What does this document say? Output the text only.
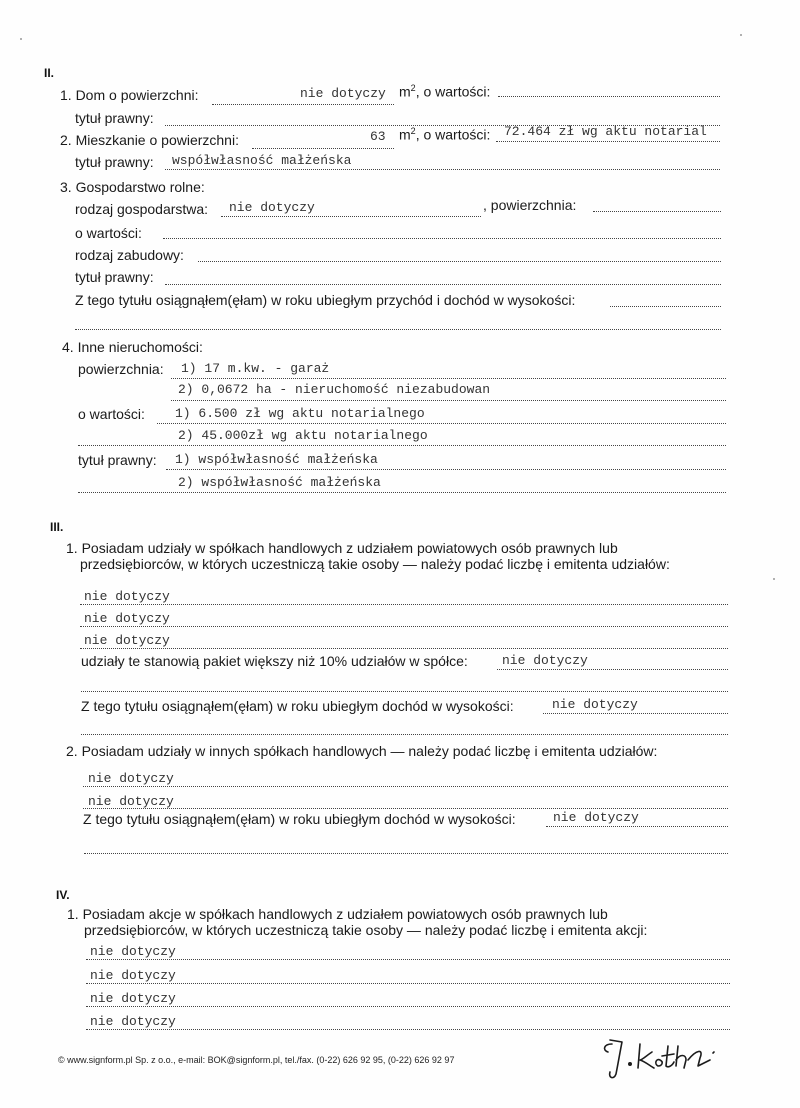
II.
1. Dom o powierzchni:	nie dotyczy $m^2$, o wartości:
tytuł prawny:
2. Mieszkanie o powierzchni:	63 $m^2$, o wartości: 72.464 zł wg aktu notarial
tytuł prawny: współwłasność małżeńska
3. Gospodarstwo rolne:
rodzaj gospodarstwa: nie dotyczy	, powierzchnia:
o wartości:
rodzaj zabudowy:
tytuł prawny:
Z tego tytułu osiągnąłem(ęłam) w roku ubiegłym przychód i dochód w wysokości:
4. Inne nieruchomości:
powierzchnia: 1) 17 m.kw. - garaż
2) 0,0672 ha - nieruchomość niezabudowan
o wartości: 1) 6.500 zł wg aktu notarialnego
2) 45.000zł wg aktu notarialnego
tytuł prawny: 1) współwłasność małżeńska
2) współwłasność małżeńska
III.
1. Posiadam udziały w spółkach handlowych z udziałem powiatowych osób prawnych lub
przedsiębiorców, w których uczestniczą takie osoby — należy podać liczbę i emitenta udziałów:
nie dotyczy
nie dotyczy
nie dotyczy
udziały te stanowią pakiet większy niż 10% udziałów w spółce:	nie dotyczy
Z tego tytułu osiągnąłem(ęłam) w roku ubiegłym dochód w wysokości:	nie dotyczy
2. Posiadam udziały w innych spółkach handlowych — należy podać liczbę i emitenta udziałów:
nie dotyczy
nie dotyczy
Z tego tytułu osiągnąłem(ęłam) w roku ubiegłym dochód w wysokości:	nie dotyczy
IV.
1. Posiadam akcje w spółkach handlowych z udziałem powiatowych osób prawnych lub
przedsiębiorców, w których uczestniczą takie osoby — należy podać liczbę i emitenta akcji:
nie dotyczy
nie dotyczy
nie dotyczy
nie dotyczy
© www.signform.pl Sp. z o.o., e-mail: BOK@signform.pl, tel./fax. (0-22) 626 92 95, (0-22) 626 92 97
